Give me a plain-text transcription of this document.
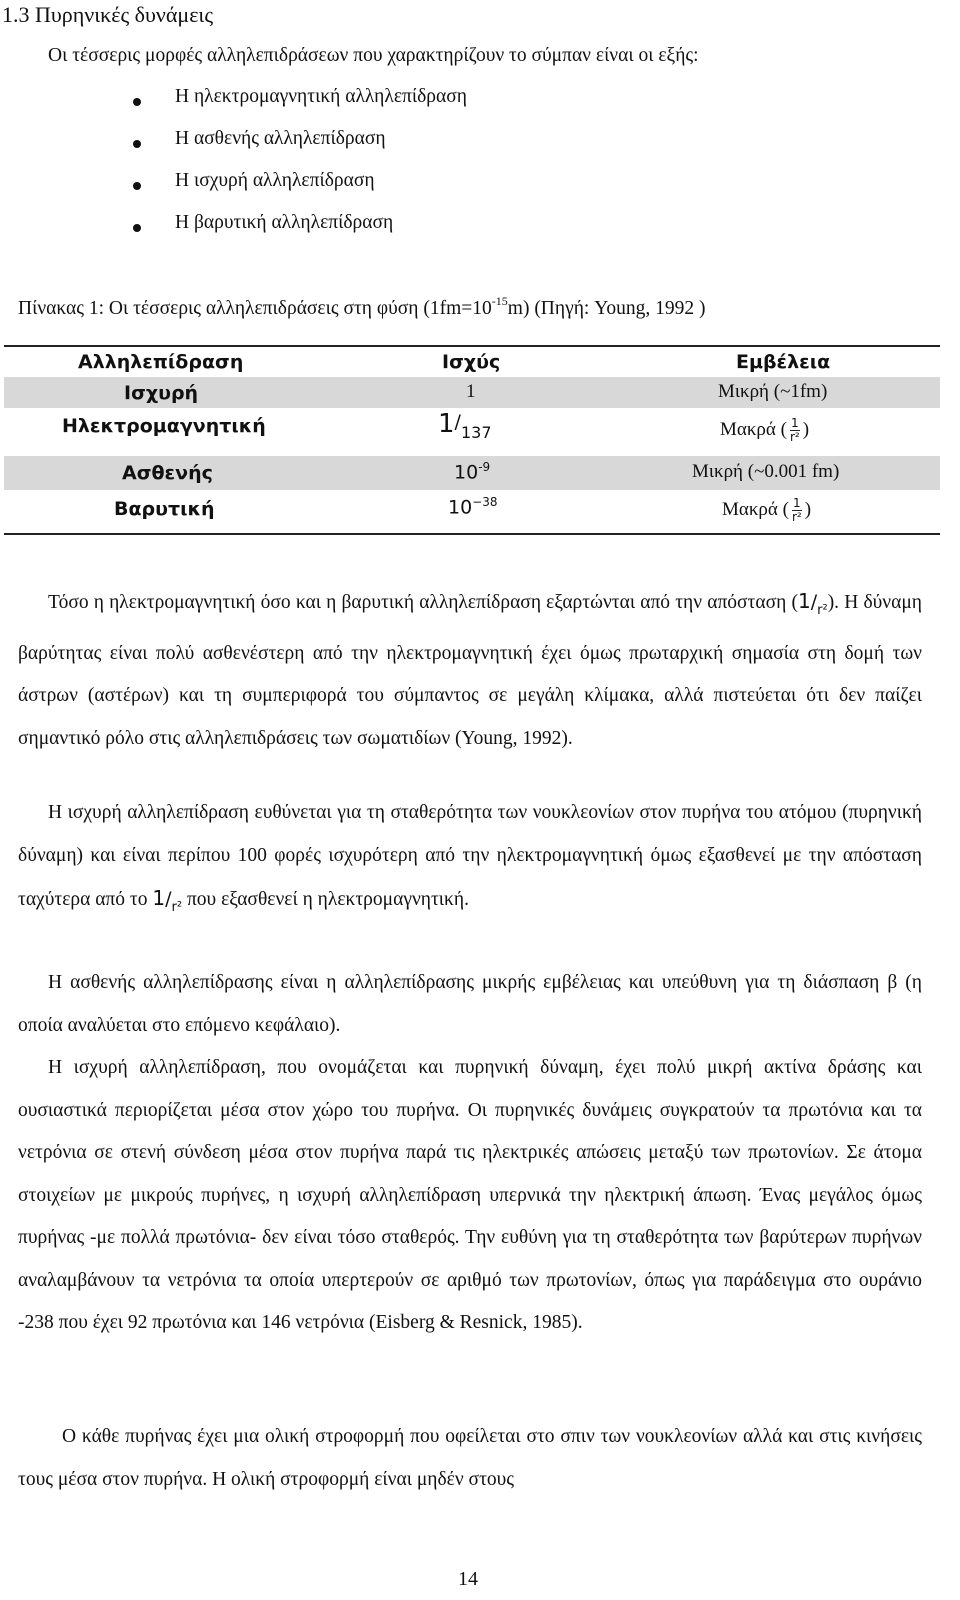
1.3 Πυρηνικές δυνάμεις
Οι τέσσερις μορφές αλληλεπιδράσεων που χαρακτηρίζουν το σύμπαν είναι οι εξής:
Η ηλεκτρομαγνητική αλληλεπίδραση
Η ασθενής αλληλεπίδραση
Η ισχυρή αλληλεπίδραση
Η βαρυτική αλληλεπίδραση
Πίνακας 1: Οι τέσσερις αλληλεπιδράσεις στη φύση $(1fm=10^{-15}m)$ (Πηγή: Young, 1992 )
Αλληλεπίδραση	Ισχύς	Εμβέλεια
Ισχυρή	1	Μικρή (~1fm)
Ηλεκτρομαγνητική	$1/_{137}$	Μακρά ( $\frac{1}{\text{r²}}$ )
Ασθενής	$10^{-9}$	Μικρή (~0.001 fm)
Βαρυτική	$10^{-38}$	Μακρά ( $\frac{1}{\text{r²}}$ )
Τόσο η ηλεκτρομαγνητική όσο και η βαρυτική αλληλεπίδραση εξαρτώνται από την απόσταση $(1/_{r^2})$. Η δύναμη βαρύτητας είναι πολύ ασθενέστερη από την ηλεκτρομαγνητική έχει όμως πρωταρχική σημασία στη δομή των άστρων (αστέρων) και τη συμπεριφορά του σύμπαντος σε μεγάλη κλίμακα, αλλά πιστεύεται ότι δεν παίζει σημαντικό ρόλο στις αλληλεπιδράσεις των σωματιδίων (Young, 1992).
Η ισχυρή αλληλεπίδραση ευθύνεται για τη σταθερότητα των νουκλεονίων στον πυρήνα του ατόμου (πυρηνική δύναμη) και είναι περίπου 100 φορές ισχυρότερη από την ηλεκτρομαγνητική όμως εξασθενεί με την απόσταση ταχύτερα από το $1/_{r^2}$ που εξασθενεί η ηλεκτρομαγνητική.
Η ασθενής αλληλεπίδρασης είναι η αλληλεπίδρασης μικρής εμβέλειας και υπεύθυνη για τη διάσπαση β (η οποία αναλύεται στο επόμενο κεφάλαιο).
Η ισχυρή αλληλεπίδραση, που ονομάζεται και πυρηνική δύναμη, έχει πολύ μικρή ακτίνα δράσης και ουσιαστικά περιορίζεται μέσα στον χώρο του πυρήνα. Οι πυρηνικές δυνάμεις συγκρατούν τα πρωτόνια και τα νετρόνια σε στενή σύνδεση μέσα στον πυρήνα παρά τις ηλεκτρικές απώσεις μεταξύ των πρωτονίων. Σε άτομα στοιχείων με μικρούς πυρήνες, η ισχυρή αλληλεπίδραση υπερνικά την ηλεκτρική άπωση. Ένας μεγάλος όμως πυρήνας -με πολλά πρωτόνια- δεν είναι τόσο σταθερός. Την ευθύνη για τη σταθερότητα των βαρύτερων πυρήνων αναλαμβάνουν τα νετρόνια τα οποία υπερτερούν σε αριθμό των πρωτονίων, όπως για παράδειγμα στο ουράνιο -238 που έχει 92 πρωτόνια και 146 νετρόνια (Eisberg & Resnick, 1985).
Ο κάθε πυρήνας έχει μια ολική στροφορμή που οφείλεται στο σπιν των νουκλεονίων αλλά και στις κινήσεις τους μέσα στον πυρήνα. Η ολική στροφορμή είναι μηδέν στους
14
